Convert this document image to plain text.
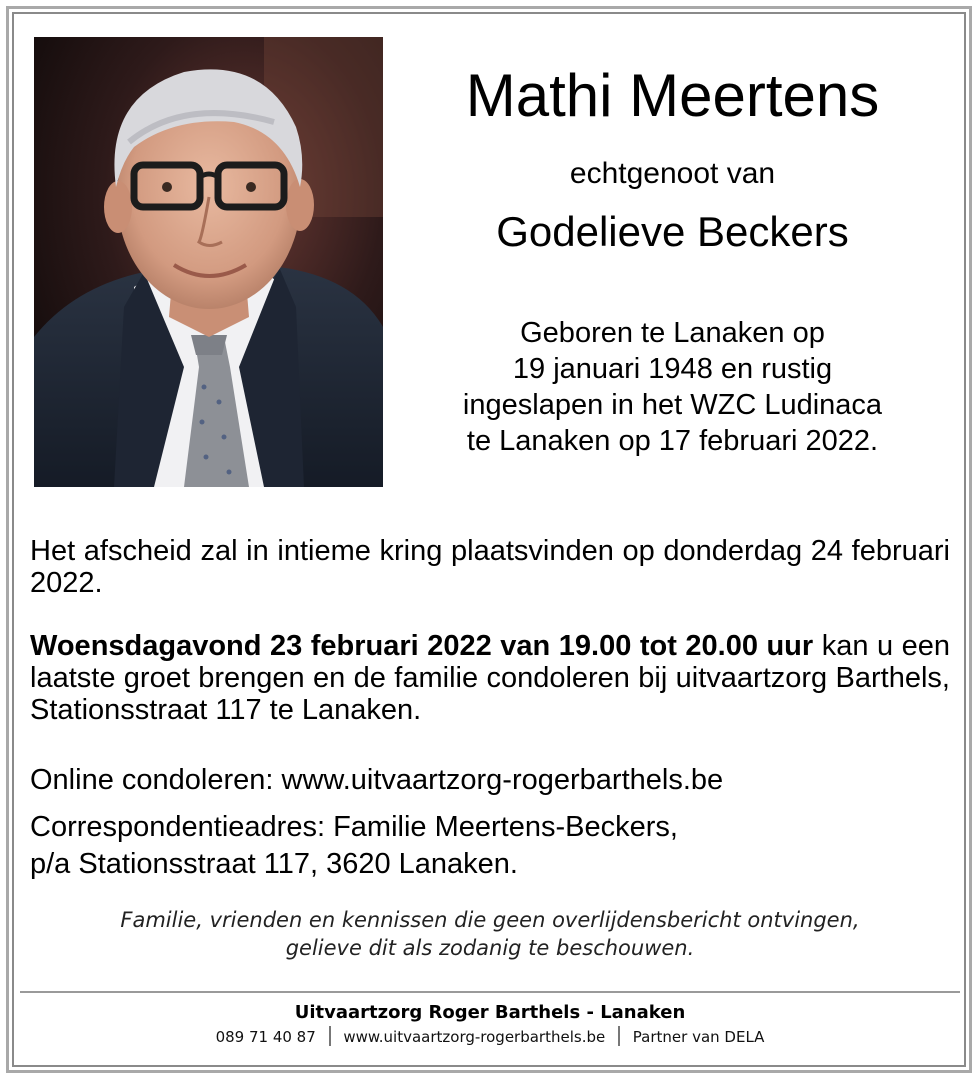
Mathi Meertens
echtgenoot van
Godelieve Beckers
Geboren te Lanaken op
19 januari 1948 en rustig
ingeslapen in het WZC Ludinaca
te Lanaken op 17 februari 2022.
Het afscheid zal in intieme kring plaatsvinden op donderdag 24 februari 2022.
Woensdagavond 23 februari 2022 van 19.00 tot 20.00 uur kan u een laatste groet brengen en de familie condoleren bij uitvaartzorg Barthels, Stationsstraat 117 te Lanaken.
Online condoleren: www.uitvaartzorg-rogerbarthels.be
Correspondentieadres: Familie Meertens-Beckers,
p/a Stationsstraat 117, 3620 Lanaken.
Familie, vrienden en kennissen die geen overlijdensbericht ontvingen,
gelieve dit als zodanig te beschouwen.
Uitvaartzorg Roger Barthels - Lanaken
089 71 40 87 www.uitvaartzorg-rogerbarthels.be Partner van DELA
